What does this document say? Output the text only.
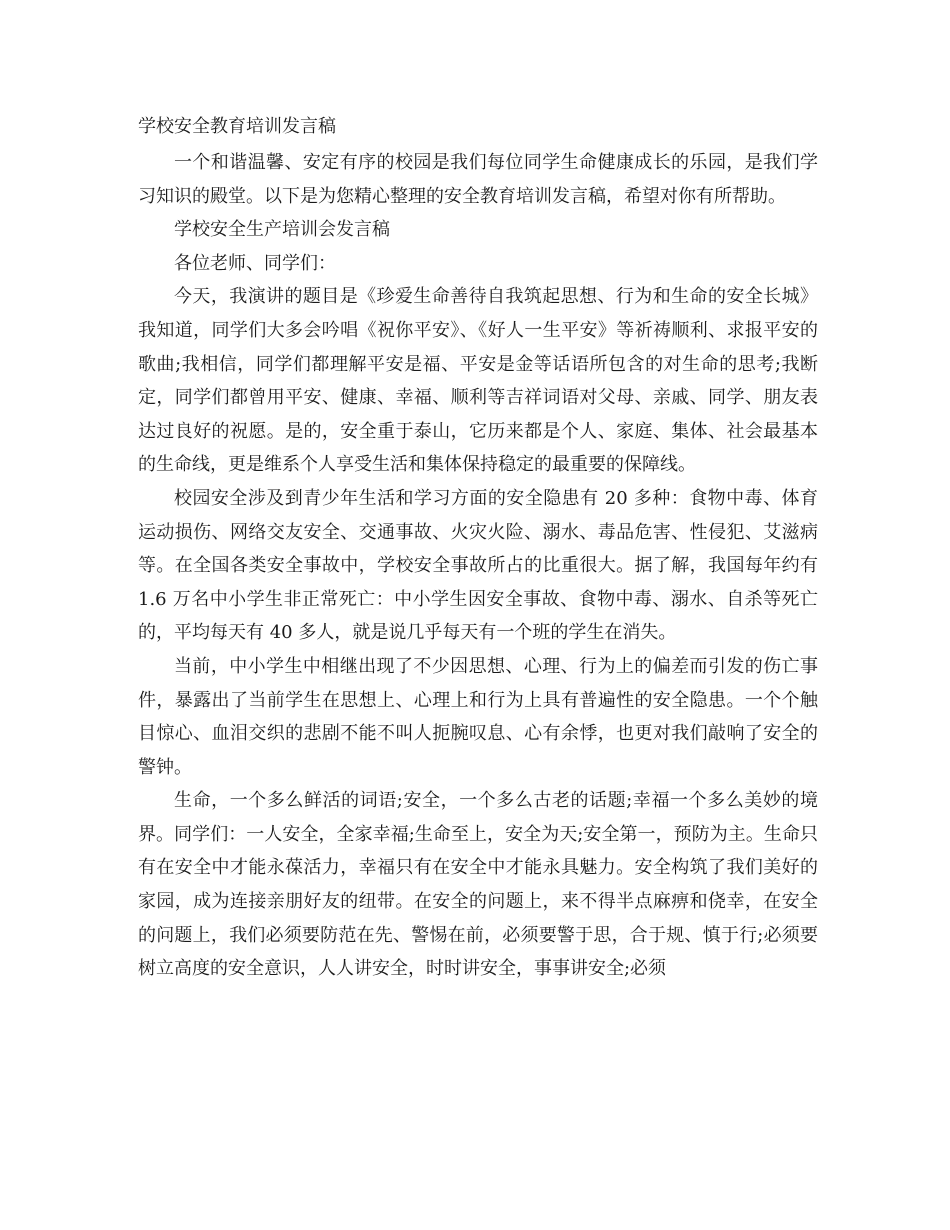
学校安全教育培训发言稿

一个和谐温馨、安定有序的校园是我们每位同学生命健康成长的乐园，是我们学习知识的殿堂。以下是为您精心整理的安全教育培训发言稿，希望对你有所帮助。

学校安全生产培训会发言稿
各位老师、同学们：

今天，我演讲的题目是《珍爱生命善待自我筑起思想、行为和生命的安全长城》我知道，同学们大多会吟唱《祝你平安》、《好人一生平安》等祈祷顺利、求报平安的歌曲;我相信，同学们都理解平安是福、平安是金等话语所包含的对生命的思考;我断定，同学们都曾用平安、健康、幸福、顺利等吉祥词语对父母、亲戚、同学、朋友表达过良好的祝愿。是的，安全重于泰山，它历来都是个人、家庭、集体、社会最基本的生命线，更是维系个人享受生活和集体保持稳定的最重要的保障线。

校园安全涉及到青少年生活和学习方面的安全隐患有 20 多种：食物中毒、体育运动损伤、网络交友安全、交通事故、火灾火险、溺水、毒品危害、性侵犯、艾滋病等。在全国各类安全事故中，学校安全事故所占的比重很大。据了解，我国每年约有 1.6 万名中小学生非正常死亡：中小学生因安全事故、食物中毒、溺水、自杀等死亡的，平均每天有 40 多人，就是说几乎每天有一个班的学生在消失。

当前，中小学生中相继出现了不少因思想、心理、行为上的偏差而引发的伤亡事件，暴露出了当前学生在思想上、心理上和行为上具有普遍性的安全隐患。一个个触目惊心、血泪交织的悲剧不能不叫人扼腕叹息、心有余悸，也更对我们敲响了安全的警钟。

生命，一个多么鲜活的词语;安全，一个多么古老的话题;幸福一个多么美妙的境界。同学们：一人安全，全家幸福;生命至上，安全为天;安全第一，预防为主。生命只有在安全中才能永葆活力，幸福只有在安全中才能永具魅力。安全构筑了我们美好的家园，成为连接亲朋好友的纽带。在安全的问题上，来不得半点麻痹和侥幸，在安全的问题上，我们必须要防范在先、警惕在前，必须要警于思，合于规、慎于行;必须要树立高度的安全意识，人人讲安全，时时讲安全，事事讲安全;必须
